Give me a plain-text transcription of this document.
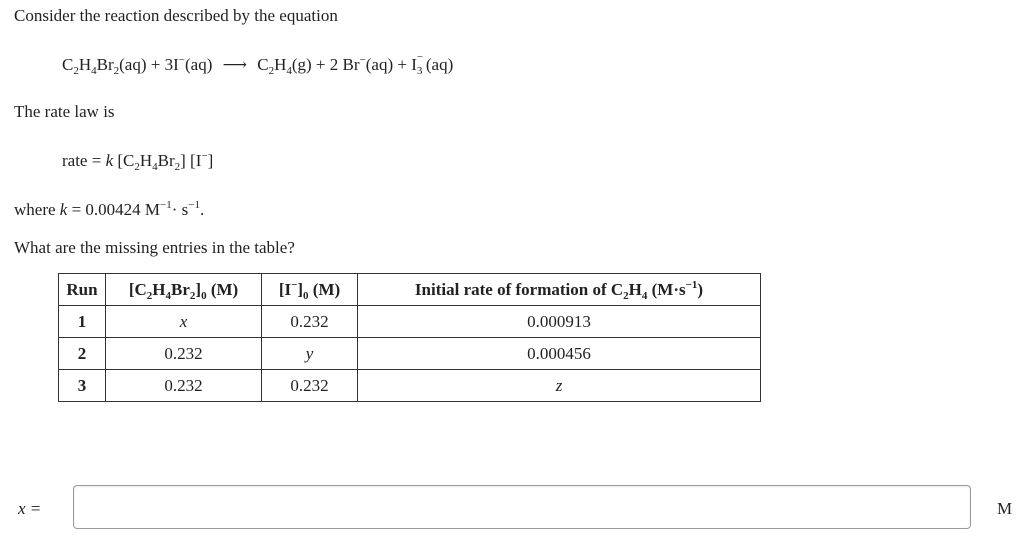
Consider the reaction described by the equation
$C_2H_4Br_2(aq) + 3I^-(aq)$ ⟶ $C_2H_4(g) + 2$ Br−(aq) + I −
3 (aq)
The rate law is
rate = k $[C_2H_4Br_2]$ [I−]
where k = 0.00424 $M^{-1}\cdot s^{-1}$.
What are the missing entries in the table?
Run	$[C_2H_4Br_2]_0$ (M)	$[I^-]_0$ (M)	Initial rate of formation of $C_2H_4$ $(M\cdot s^{-1})$
1	x	0.232	0.000913
2	0.232	y	0.000456
3	0.232	0.232	z
x =	M
